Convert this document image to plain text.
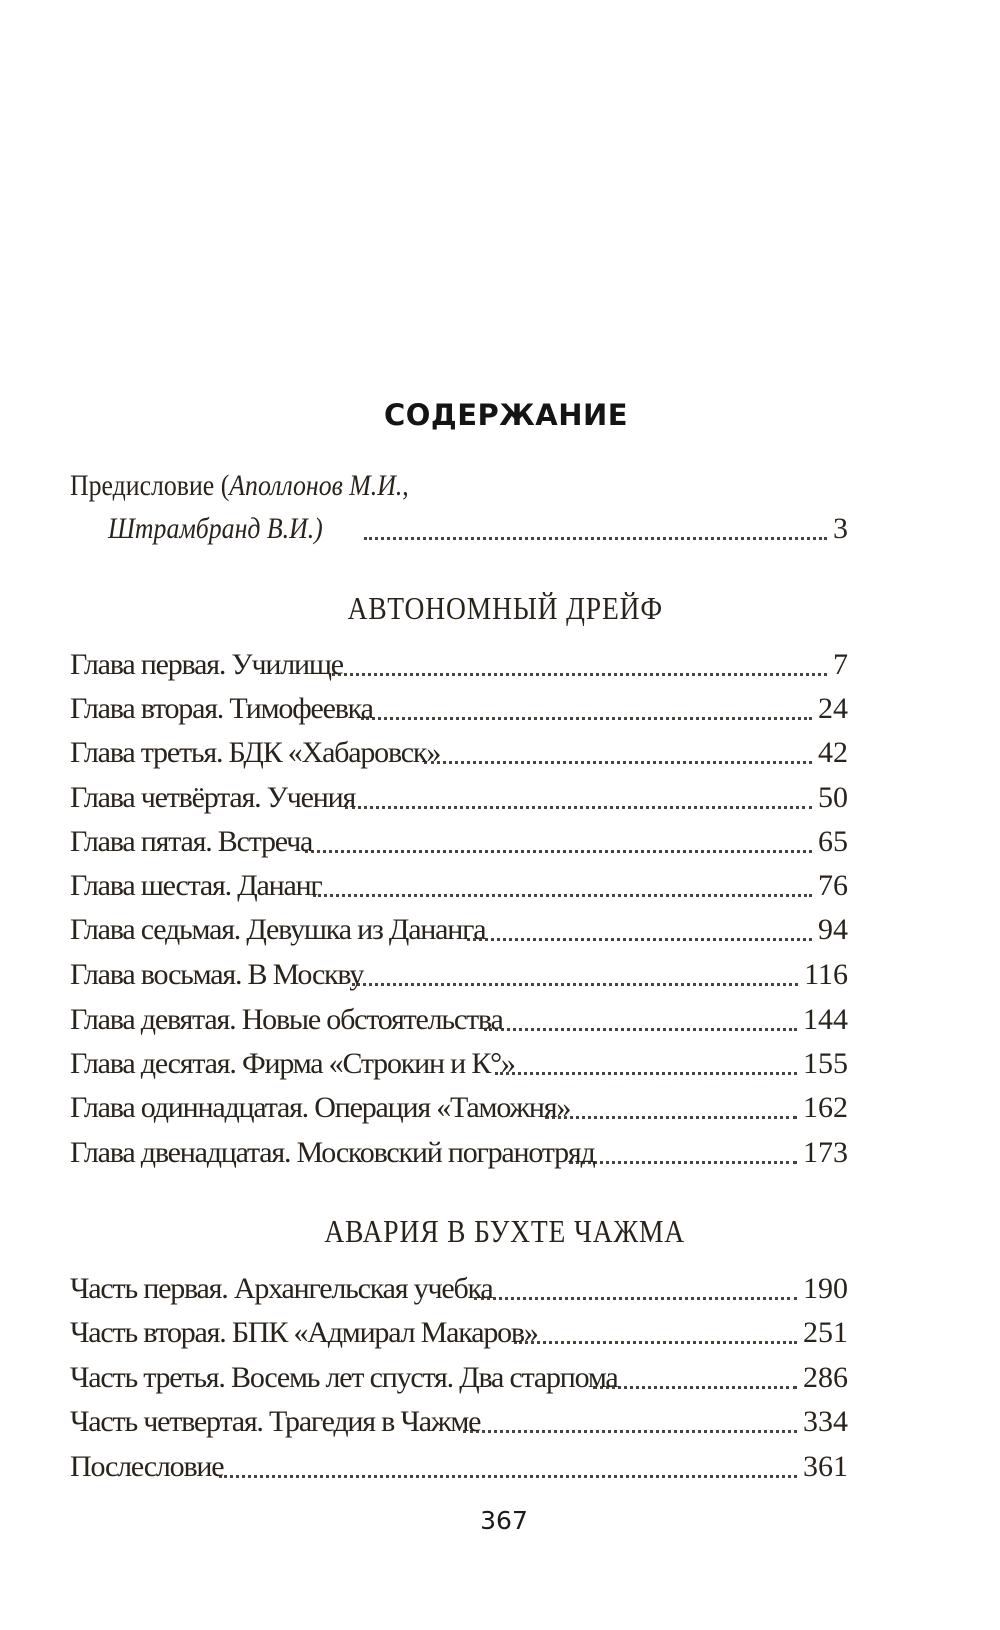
СОДЕРЖАНИЕ
Предисловие (Аполлонов М.И.,
Штрамбранд В.И.)	3
АВТОНОМНЫЙ ДРЕЙФ
Глава первая. Училище	7
Глава вторая. Тимофеевка	24
Глава третья. БДК «Хабаровск»	42
Глава четвёртая. Учения	50
Глава пятая. Встреча	65
Глава шестая. Дананг	76
Глава седьмая. Девушка из Дананга	94
Глава восьмая. В Москву	116
Глава девятая. Новые обстоятельства	144
Глава десятая. Фирма «Строкин и К°»	155
Глава одиннадцатая. Операция «Таможня»	162
Глава двенадцатая. Московский погранотряд	173
АВАРИЯ В БУХТЕ ЧАЖМА
Часть первая. Архангельская учебка	190
Часть вторая. БПК «Адмирал Макаров»	251
Часть третья. Восемь лет спустя. Два старпома	286
Часть четвертая. Трагедия в Чажме	334
Послесловие	361
367
